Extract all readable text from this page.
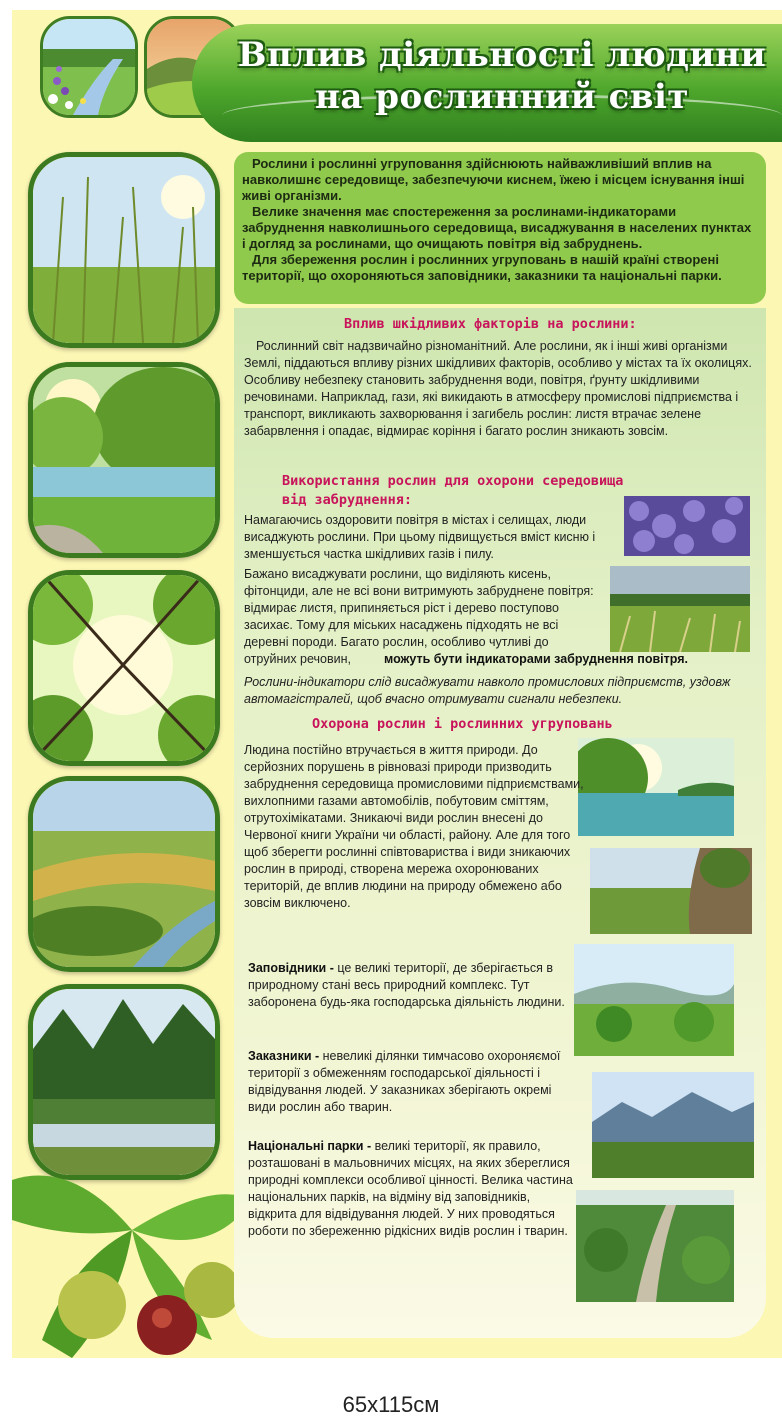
Вплив діяльності людини
на рослинний світ

Рослини і рослинні угруповання здійснюють найважливіший вплив на навколишнє середовище, забезпечуючи киснем, їжею і місцем існування інші живі організми.

Велике значення має спостереження за рослинами-індикаторами забруднення навколишнього середовища, висаджування в населених пунктах і догляд за рослинами, що очищають повітря від забруднень.

Для збереження рослин і рослинних угруповань в нашій країні створені території, що охороняються заповідники, заказники та національні парки.

Вплив шкідливих факторів на рослини:
Рослинний світ надзвичайно різноманітний. Але рослини, як і інші живі організми Землі, піддаються впливу різних шкідливих факторів, особливо у містах та їх околицях. Особливу небезпеку становить забруднення води, повітря, ґрунту шкідливими речовинами. Наприклад, гази, які викидають в атмосферу промислові підприємства і транспорт, викликають захворювання і загибель рослин: листя втрачає зелене забарвлення і опадає, відмирає коріння і багато рослин зникають зовсім.
Використання рослин для охорони середовища
від забруднення:
Намагаючись оздоровити повітря в містах і селищах, люди висаджують рослини. При цьому підвищується вміст кисню і зменшується частка шкідливих газів і пилу.
Бажано висаджувати рослини, що виділяють кисень, фітонциди, але не всі вони витримують забруднене повітря: відмирає листя, припиняється ріст і дерево поступово засихає. Тому для міських насаджень підходять не всі деревні породи. Багато рослин, особливо чутливі до отруйних речовин,	можуть бути індикаторами забруднення повітря.
Рослини-індикатори слід висаджувати навколо промислових підприємств, уздовж автомагістралей, щоб вчасно отримувати сигнали небезпеки.
Охорона рослин і рослинних угруповань
Людина постійно втручається в життя природи. До серйозних порушень в рівновазі природи призводить забруднення середовища промисловими підприємствами, вихлопними газами автомобілів, побутовим сміттям, отрутохімікатами. Зникаючі види рослин внесені до Червоної книги України чи області, району. Але для того щоб зберегти рослинні співтовариства і види зникаючих рослин в природі, створена мережа охоронюваних територій, де вплив людини на природу обмежено або зовсім виключено.
Заповідники - це великі території, де зберігається в природному стані весь природний комплекс. Тут заборонена будь-яка господарська діяльність людини.
Заказники - невеликі ділянки тимчасово охороняємої території з обмеженням господарської діяльності і відвідування людей. У заказниках зберігають окремі види рослин або тварин.
Національні парки - великі території, як правило, розташовані в мальовничих місцях, на яких збереглися природні комплекси особливої цінності. Велика частина національних парків, на відміну від заповідників, відкрита для відвідування людей. У них проводяться роботи по збереженню рідкісних видів рослин і тварин.
65x115см
